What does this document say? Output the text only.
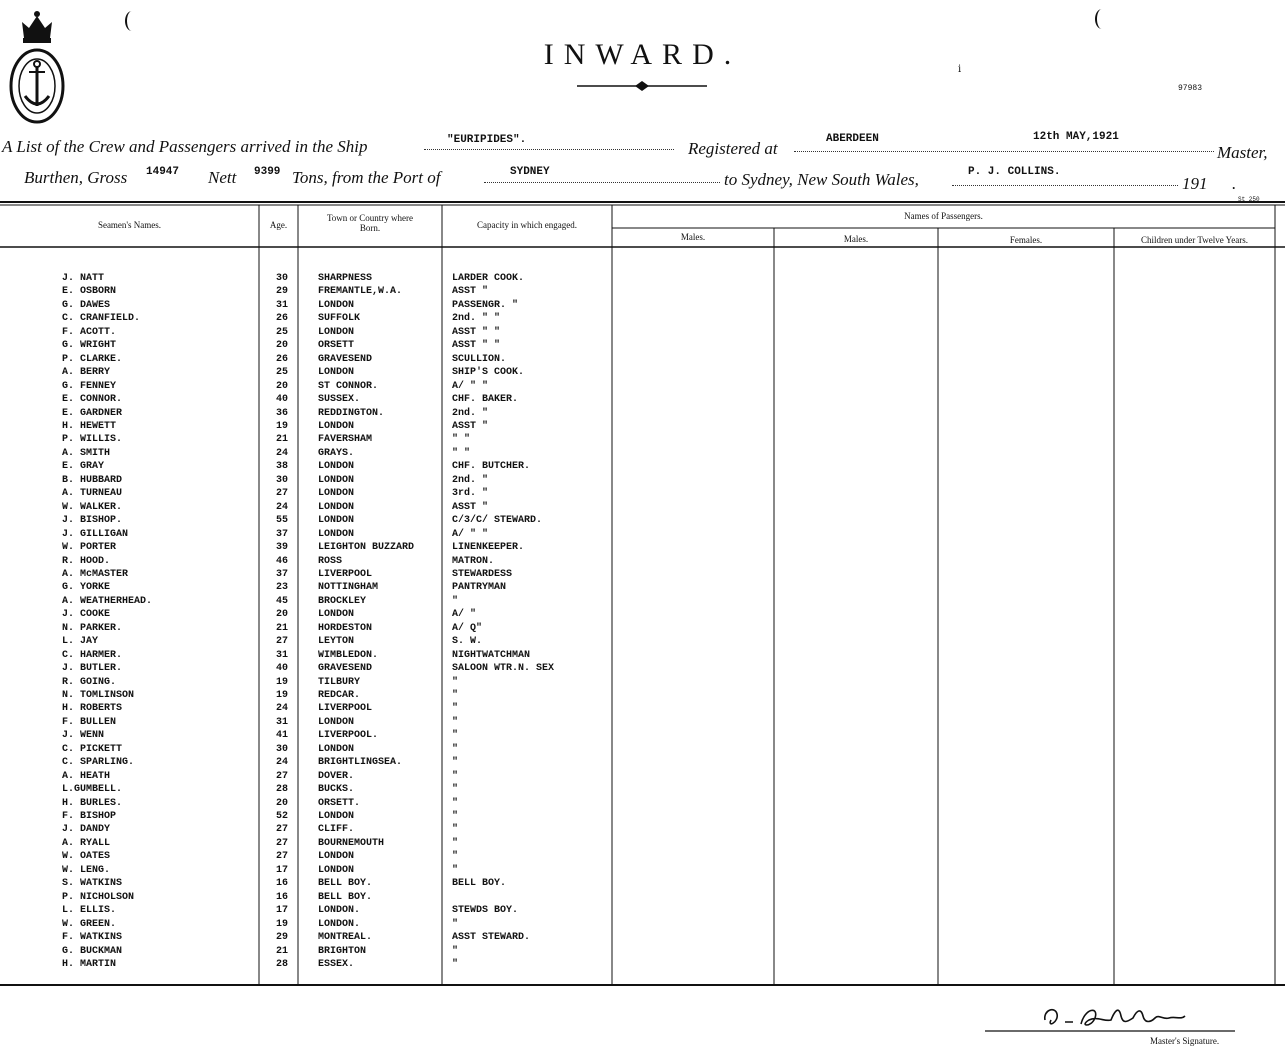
INWARD.	i
97983
St 250
A List of the Crew and Passengers arrived in the Ship	"EURIPIDES".	Registered at	ABERDEEN	12th MAY,1921
Master,
Burthen, Gross 14947 Nett 9399 Tons, from the Port of	SYDNEY	to Sydney, New South Wales,	P. J. COLLINS.
191 .
Seamen's Names.	Age.
Town or Country where Born.	Capacity in which engaged.
Names of Passengers.
Males.	Males.	Females.	Children under Twelve Years.
J. NATT	30	SHARPNESS	LARDER COOK.
E. OSBORN	29	FREMANTLE,W.A.	ASST "
G. DAWES	31	LONDON	PASSENGR. "
C. CRANFIELD.	26	SUFFOLK	2nd. " "
F. ACOTT.	25	LONDON	ASST " "
G. WRIGHT	20	ORSETT	ASST " "
P. CLARKE.	26	GRAVESEND	SCULLION.
A. BERRY	25	LONDON	SHIP'S COOK.
G. FENNEY	20	ST CONNOR.	A/ " "
E. CONNOR.	40	SUSSEX.	CHF. BAKER.
E. GARDNER	36	REDDINGTON.	2nd. "
H. HEWETT	19	LONDON	ASST "
P. WILLIS.	21	FAVERSHAM	" "
A. SMITH	24	GRAYS.	" "
E. GRAY	38	LONDON	CHF. BUTCHER.
B. HUBBARD	30	LONDON	2nd. "
A. TURNEAU	27	LONDON	3rd. "
W. WALKER.	24	LONDON	ASST "
J. BISHOP.	55	LONDON	C/3/C/ STEWARD.
J. GILLIGAN	37	LONDON	A/ " "
W. PORTER	39	LEIGHTON BUZZARD	LINENKEEPER.
R. HOOD.	46	ROSS	MATRON.
A. McMASTER	37	LIVERPOOL	STEWARDESS
G. YORKE	23	NOTTINGHAM	PANTRYMAN
A. WEATHERHEAD.	45	BROCKLEY	"
J. COOKE	20	LONDON	A/ "
N. PARKER.	21	HORDESTON	A/ Q"
L. JAY	27	LEYTON	S. W.
C. HARMER.	31	WIMBLEDON.	NIGHTWATCHMAN
J. BUTLER.	40	GRAVESEND	SALOON WTR.N. SEX
R. GOING.	19	TILBURY	"
N. TOMLINSON	19	REDCAR.	"
H. ROBERTS	24	LIVERPOOL	"
F. BULLEN	31	LONDON	"
J. WENN	41	LIVERPOOL.	"
C. PICKETT	30	LONDON	"
C. SPARLING.	24	BRIGHTLINGSEA.	"
A. HEATH	27	DOVER.	"
L.GUMBELL.	28	BUCKS.	"
H. BURLES.	20	ORSETT.	"
F. BISHOP	52	LONDON	"
J. DANDY	27	CLIFF.	"
A. RYALL	27	BOURNEMOUTH	"
W. OATES	27	LONDON	"
W. LENG.	17	LONDON	"
S. WATKINS	16	BELL BOY.	BELL BOY.
P. NICHOLSON	16	BELL BOY.
L. ELLIS.	17	LONDON.	STEWDS BOY.
W. GREEN.	19	LONDON.	"
F. WATKINS	29	MONTREAL.	ASST STEWARD.
G. BUCKMAN	21	BRIGHTON	"
H. MARTIN	28	ESSEX.	"
Master's Signature.
